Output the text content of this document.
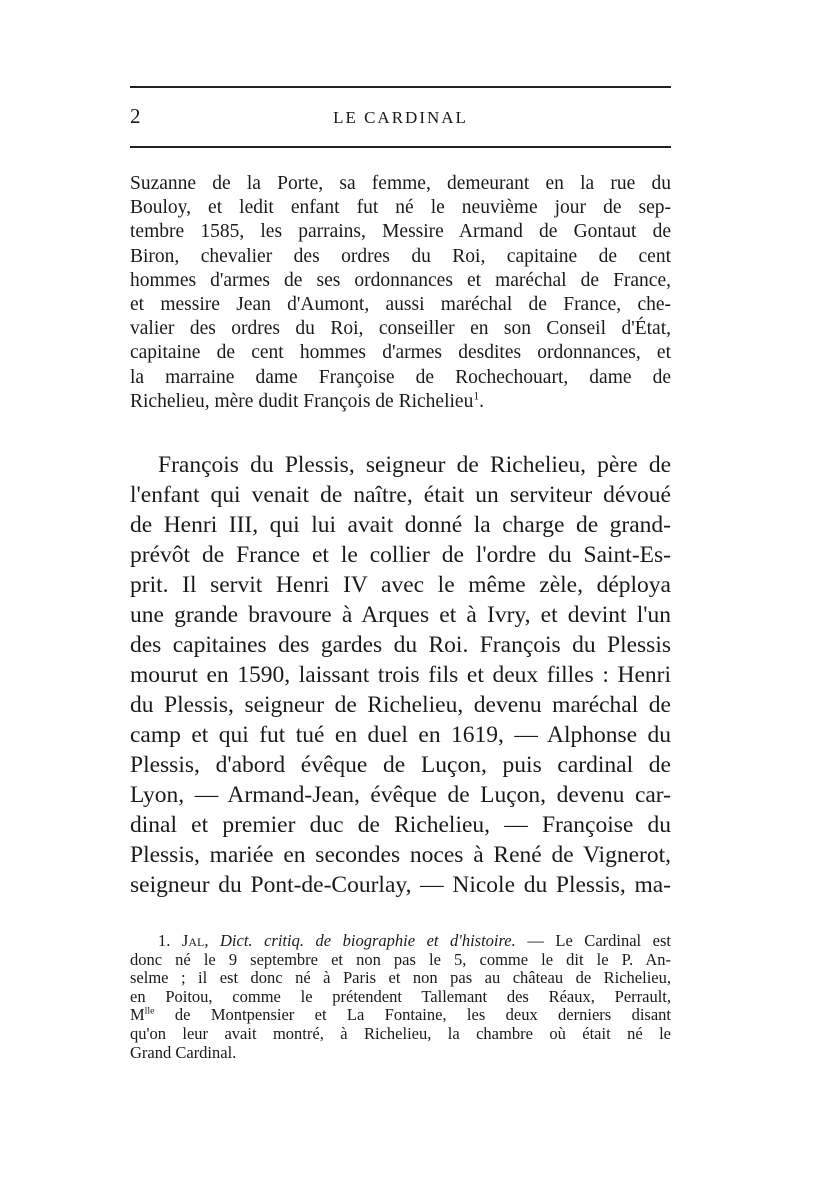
2	LE CARDINAL
Suzanne de la Porte, sa femme, demeurant en la rue du
Bouloy, et ledit enfant fut né le neuvième jour de sep-
tembre 1585, les parrains, Messire Armand de Gontaut de
Biron, chevalier des ordres du Roi, capitaine de cent
hommes d'armes de ses ordonnances et maréchal de France,
et messire Jean d'Aumont, aussi maréchal de France, che-
valier des ordres du Roi, conseiller en son Conseil d'État,
capitaine de cent hommes d'armes desdites ordonnances, et
la marraine dame Françoise de Rochechouart, dame de
Richelieu, mère dudit François de Richelieu$^1$.
François du Plessis, seigneur de Richelieu, père de
l'enfant qui venait de naître, était un serviteur dévoué
de Henri III, qui lui avait donné la charge de grand-
prévôt de France et le collier de l'ordre du Saint-Es-
prit. Il servit Henri IV avec le même zèle, déploya
une grande bravoure à Arques et à Ivry, et devint l'un
des capitaines des gardes du Roi. François du Plessis
mourut en 1590, laissant trois fils et deux filles : Henri
du Plessis, seigneur de Richelieu, devenu maréchal de
camp et qui fut tué en duel en 1619, — Alphonse du
Plessis, d'abord évêque de Luçon, puis cardinal de
Lyon, — Armand-Jean, évêque de Luçon, devenu car-
dinal et premier duc de Richelieu, — Françoise du
Plessis, mariée en secondes noces à René de Vignerot,
seigneur du Pont-de-Courlay, — Nicole du Plessis, ma-
1. Jal, Dict. critiq. de biographie et d'histoire. — Le Cardinal est
donc né le 9 septembre et non pas le 5, comme le dit le P. An-
selme ; il est donc né à Paris et non pas au château de Richelieu,
en Poitou, comme le prétendent Tallemant des Réaux, Perrault,
$M^{lle}$ de Montpensier et La Fontaine, les deux derniers disant
qu'on leur avait montré, à Richelieu, la chambre où était né le
Grand Cardinal.
